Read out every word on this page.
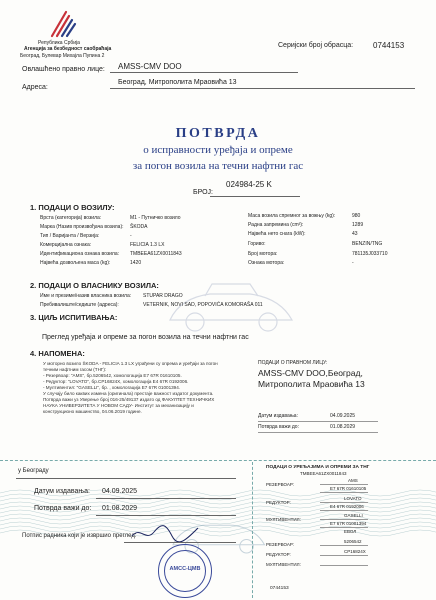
Република Србија
Агенција за безбедност саобраћаја
Београд, Булевар Михајла Пупина 2
Серијски број обрасца: 0744153
Овлашћено правно лице: AMSS-CMV DOO
Адреса:
Београд, Митрополита Мраовића 13
ПОТВРДА
о исправности уређаја и опреме
за погон возила на течни нафтни гас
024984-25 K
БРОЈ:
1. ПОДАЦИ О ВОЗИЛУ:
Врста (категорија) возила:	M1 - Путничко возило
Марка (Назив произвођача возила): ŠKODA
Тип / Варијанта / Верзија:	-
Комерцијална ознака:	FELICIA 1.3 LX
Идентификациона ознака возила: TMBEEA61ZX0011843
Највећа дозвољена маса (kg):	1420
Маса возила спремног за вожњу (kg):	980
Радна запремина (cm³):	1289
Највећа нето снага (kW):	43
Гориво:	BENZIN/TNG
Број мотора:	781135J033710
Ознака мотора:	-
2. ПОДАЦИ О ВЛАСНИКУ ВОЗИЛА:
Име и презиме/назив власника возила: STUPAR DRAGO
Пребивалиште/седиште (адреса):	VETERNIK, NOVI SAD, POPOVIĆA KOMORAŠA 011
3. ЦИЉ ИСПИТИВАЊА:
Преглед уређаја и опреме за погон возила на течни нафтни гас
4. НАПОМЕНА:
У моторно возило ŠKODA - FELICIA 1.3 LX уграђени су опрема и уређаји за погон
течним нафтним гасом (ТНГ):
- Резервоар: "AMS", бр.5206542, хомологација E7 67R 01610105.
- Редуктор: "LOVATO", бр.CP16824X, хомологација E4 67R 0192006.
- Мултивентил: "GASELLI", бр. , хомологација E7 67R 01001394.
У случају било каквих измена (оригинала) престаје важност издатог документа.
Потврда важи уз Уверење број 016-25/49137 издато од ФАКУЛТЕТ ТЕХНИЧКИХ
НАУКА УНИВЕРЗИТЕТА У НОВОМ САДУ- Институт за механизацију и
конструкционо машинство, 04.06.2019 године.
ПОДАЦИ О ПРАВНОМ ЛИЦУ:
AMSS-CMV DOO,Београд,
Митрополита Мраовића 13
Датум издавања:	04.09.2025
Потврда важи до:	01.08.2029
у Београду
Датум издавања: 04.09.2025
Потврда важи до: 01.08.2029
Потпис радника који је извршио преглед:
АМСС-ЦМВ
ПОДАЦИ О УРЕЂАЈИМА И ОПРЕМИ ЗА ТНГ
TMBEEA61ZX0011843
РЕЗЕРВОАР:
AMS
E7 67R 01610105
РЕДУКТОР:
LOVATO
E4 67R 0192006
МУЛТИВЕНТИЛ:
GASELLI
E7 67R 01001394
ЕВОЛ
РЕЗЕРВОАР:
5206542
РЕДУКТОР:
CP16824X
МУЛТИВЕНТИЛ:
0744153
